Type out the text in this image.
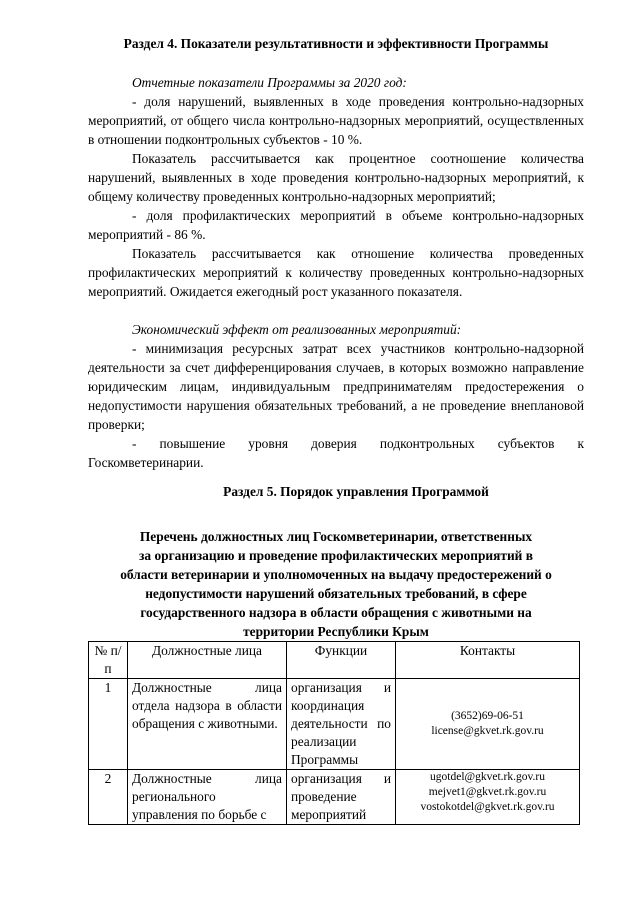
Раздел 4. Показатели результативности и эффективности Программы

Отчетные показатели Программы за 2020 год:

- доля нарушений, выявленных в ходе проведения контрольно-надзорных мероприятий, от общего числа контрольно-надзорных мероприятий, осуществленных в отношении подконтрольных субъектов - 10 %.

Показатель рассчитывается как процентное соотношение количества нарушений, выявленных в ходе проведения контрольно-надзорных мероприятий, к общему количеству проведенных контрольно-надзорных мероприятий;

- доля профилактических мероприятий в объеме контрольно-надзорных мероприятий - 86 %.

Показатель рассчитывается как отношение количества проведенных профилактических мероприятий к количеству проведенных контрольно-надзорных мероприятий. Ожидается ежегодный рост указанного показателя.

Экономический эффект от реализованных мероприятий:

- минимизация ресурсных затрат всех участников контрольно-надзорной деятельности за счет дифференцирования случаев, в которых возможно направление юридическим лицам, индивидуальным предпринимателям предостережения о недопустимости нарушения обязательных требований, а не проведение внеплановой проверки;

- повышение уровня доверия подконтрольных субъектов к Госкомветеринарии.

Раздел 5. Порядок управления Программой
Перечень должностных лиц Госкомветеринарии, ответственных
за организацию и проведение профилактических мероприятий в
области ветеринарии и уполномоченных на выдачу предостережений о
недопустимости нарушений обязательных требований, в сфере
государственного надзора в области обращения с животными на
территории Республики Крым
№ п/п	Должностные лица	Функции	Контакты
1	Должностные лица отдела надзора в области обращения с животными.	организация и координация деятельности по реализации Программы	(3652)69-06-51
license@gkvet.rk.gov.ru

2	Должностные лица регионального управления по борьбе с	организация и проведение мероприятий	ugotdel@gkvet.rk.gov.ru
mejvet1@gkvet.rk.gov.ru
vostokotdel@gkvet.rk.gov.ru
